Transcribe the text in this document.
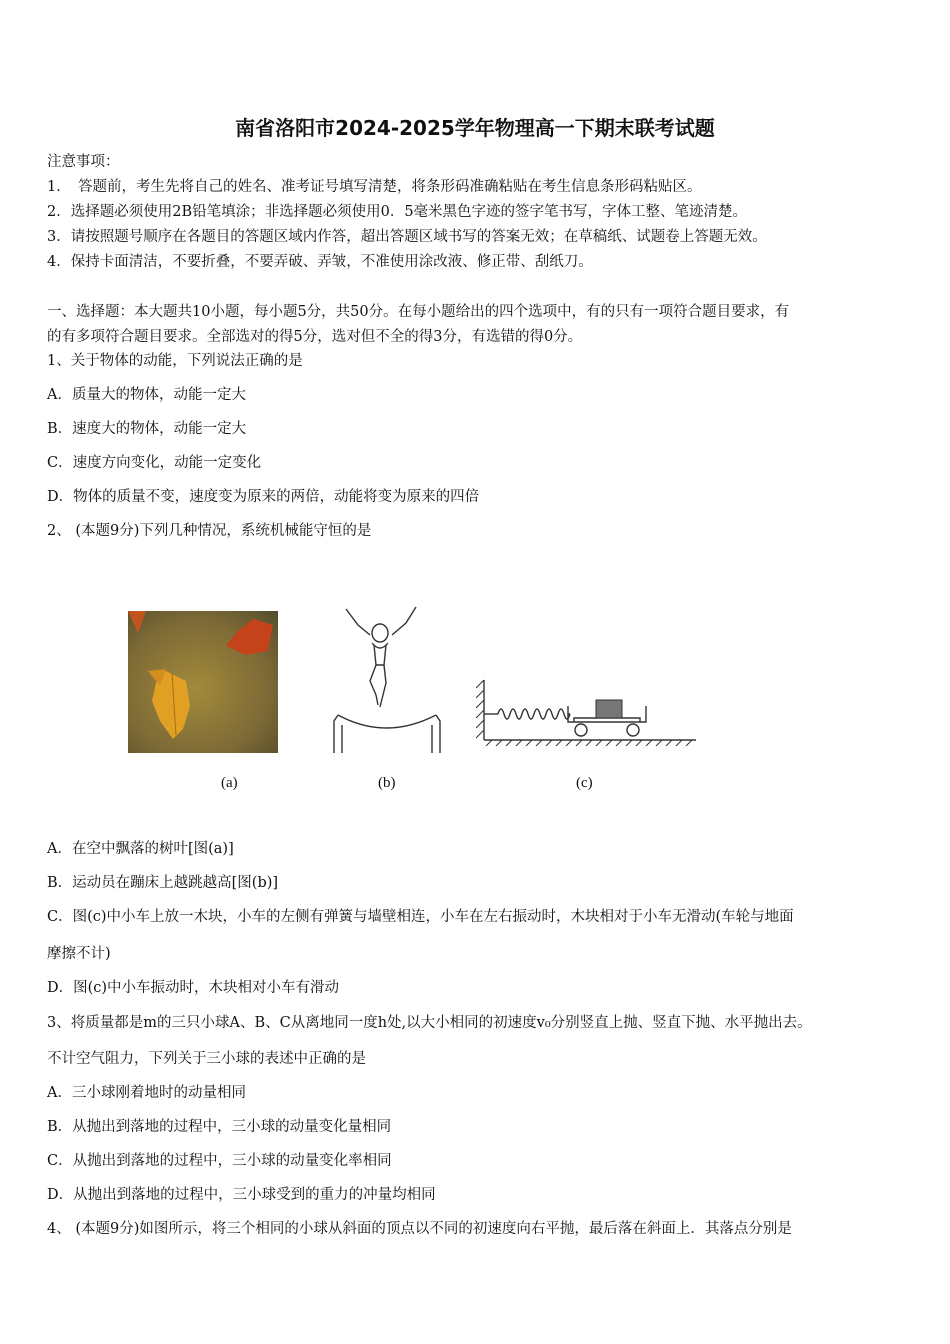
南省洛阳市2024-2025学年物理高一下期末联考试题
注意事项：
1．　答题前，考生先将自己的姓名、准考证号填写清楚，将条形码准确粘贴在考生信息条形码粘贴区。
2．选择题必须使用2B铅笔填涂；非选择题必须使用0．5毫米黑色字迹的签字笔书写，字体工整、笔迹清楚。
3．请按照题号顺序在各题目的答题区域内作答，超出答题区域书写的答案无效；在草稿纸、试题卷上答题无效。
4．保持卡面清洁，不要折叠，不要弄破、弄皱，不准使用涂改液、修正带、刮纸刀。
一、选择题：本大题共10小题，每小题5分，共50分。在每小题给出的四个选项中，有的只有一项符合题目要求，有
的有多项符合题目要求。全部选对的得5分，选对但不全的得3分，有选错的得0分。
1、关于物体的动能，下列说法正确的是
A．质量大的物体，动能一定大
B．速度大的物体，动能一定大
C．速度方向变化，动能一定变化
D．物体的质量不变，速度变为原来的两倍，动能将变为原来的四倍
2、 (本题9分)下列几种情况，系统机械能守恒的是
(a)	(b)	(c)
A．在空中飘落的树叶[图(a)]
B．运动员在蹦床上越跳越高[图(b)]
C．图(c)中小车上放一木块，小车的左侧有弹簧与墙壁相连，小车在左右振动时，木块相对于小车无滑动(车轮与地面
摩擦不计)
D．图(c)中小车振动时，木块相对小车有滑动
3、将质量都是m的三只小球A、B、C从离地同一度h处,以大小相同的初速度v₀分别竖直上抛、竖直下抛、水平抛出去。
不计空气阻力，下列关于三小球的表述中正确的是
A．三小球刚着地时的动量相同
B．从抛出到落地的过程中，三小球的动量变化量相同
C．从抛出到落地的过程中，三小球的动量变化率相同
D．从抛出到落地的过程中，三小球受到的重力的冲量均相同
4、 (本题9分)如图所示，将三个相同的小球从斜面的顶点以不同的初速度向右平抛，最后落在斜面上．其落点分别是
